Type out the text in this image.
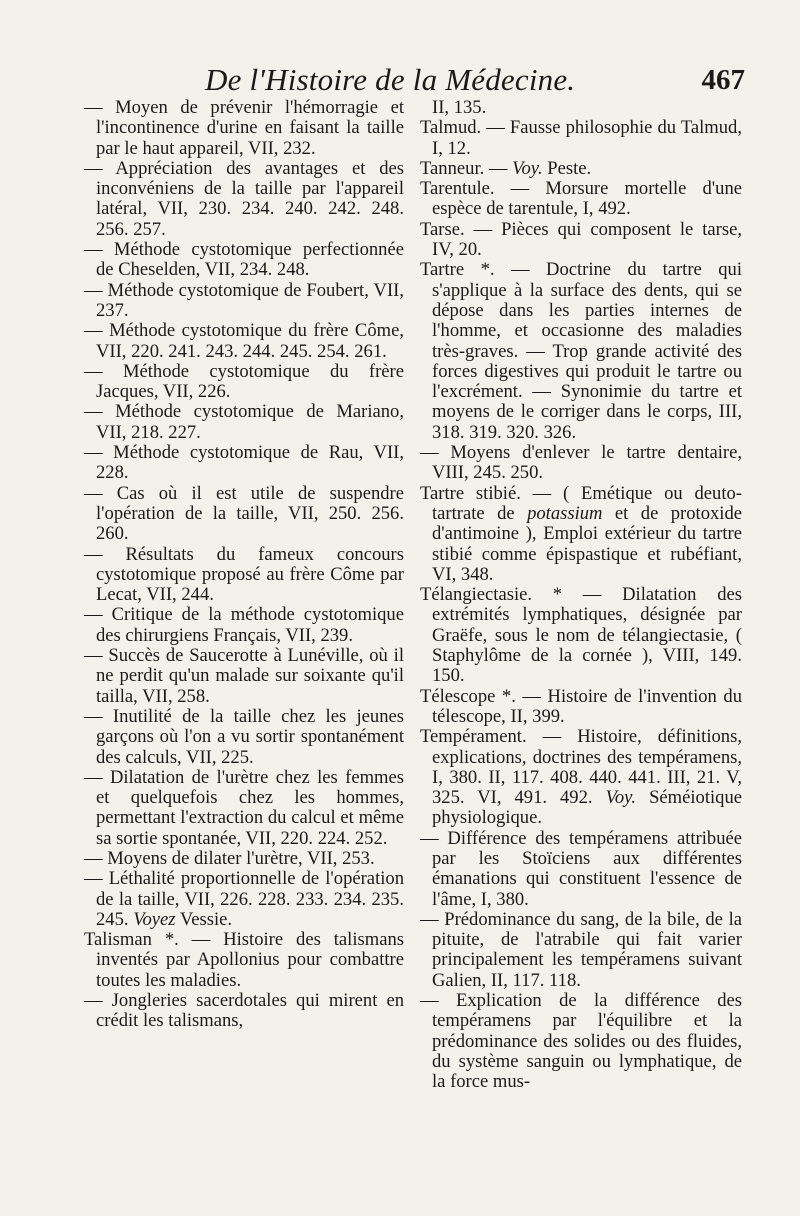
De l'Histoire de la Médecine.	467
— Moyen de prévenir l'hémorragie et l'incontinence d'urine en faisant la taille par le haut appareil, VII, 232.
— Appréciation des avantages et des inconvéniens de la taille par l'appareil latéral, VII, 230. 234. 240. 242. 248. 256. 257.
— Méthode cystotomique perfectionnée de Cheselden, VII, 234. 248.
— Méthode cystotomique de Foubert, VII, 237.
— Méthode cystotomique du frère Côme, VII, 220. 241. 243. 244. 245. 254. 261.
— Méthode cystotomique du frère Jacques, VII, 226.
— Méthode cystotomique de Mariano, VII, 218. 227.
— Méthode cystotomique de Rau, VII, 228.
— Cas où il est utile de suspendre l'opération de la taille, VII, 250. 256. 260.
— Résultats du fameux concours cystotomique proposé au frère Côme par Lecat, VII, 244.
— Critique de la méthode cystotomique des chirurgiens Français, VII, 239.
— Succès de Saucerotte à Lunéville, où il ne perdit qu'un malade sur soixante qu'il tailla, VII, 258.
— Inutilité de la taille chez les jeunes garçons où l'on a vu sortir spontanément des calculs, VII, 225.
— Dilatation de l'urètre chez les femmes et quelquefois chez les hommes, permettant l'extraction du calcul et même sa sortie spontanée, VII, 220. 224. 252.
— Moyens de dilater l'urètre, VII, 253.
— Léthalité proportionnelle de l'opération de la taille, VII, 226. 228. 233. 234. 235. 245. Voyez Vessie.
Talisman *. — Histoire des talismans inventés par Apollonius pour combattre toutes les maladies.
— Jongleries sacerdotales qui mirent en crédit les talismans,
II, 135.
Talmud. — Fausse philosophie du Talmud, I, 12.
Tanneur. — Voy. Peste.
Tarentule. — Morsure mortelle d'une espèce de tarentule, I, 492.
Tarse. — Pièces qui composent le tarse, IV, 20.
Tartre *. — Doctrine du tartre qui s'applique à la surface des dents, qui se dépose dans les parties internes de l'homme, et occasionne des maladies très-graves. — Trop grande activité des forces digestives qui produit le tartre ou l'excrément. — Synonimie du tartre et moyens de le corriger dans le corps, III, 318. 319. 320. 326.
— Moyens d'enlever le tartre dentaire, VIII, 245. 250.
Tartre stibié. — ( Emétique ou deuto-tartrate de potassium et de protoxide d'antimoine ), Emploi extérieur du tartre stibié comme épispastique et rubéfiant, VI, 348.
Télangiectasie. * — Dilatation des extrémités lymphatiques, désignée par Graëfe, sous le nom de télangiectasie, ( Staphylôme de la cornée ), VIII, 149. 150.
Télescope *. — Histoire de l'invention du télescope, II, 399.
Tempérament. — Histoire, définitions, explications, doctrines des tempéramens, I, 380. II, 117. 408. 440. 441. III, 21. V, 325. VI, 491. 492. Voy. Séméiotique physiologique.
— Différence des tempéramens attribuée par les Stoïciens aux différentes émanations qui constituent l'essence de l'âme, I, 380.
— Prédominance du sang, de la bile, de la pituite, de l'atrabile qui fait varier principalement les tempéramens suivant Galien, II, 117. 118.
— Explication de la différence des tempéramens par l'équilibre et la prédominance des solides ou des fluides, du système sanguin ou lymphatique, de la force mus-
